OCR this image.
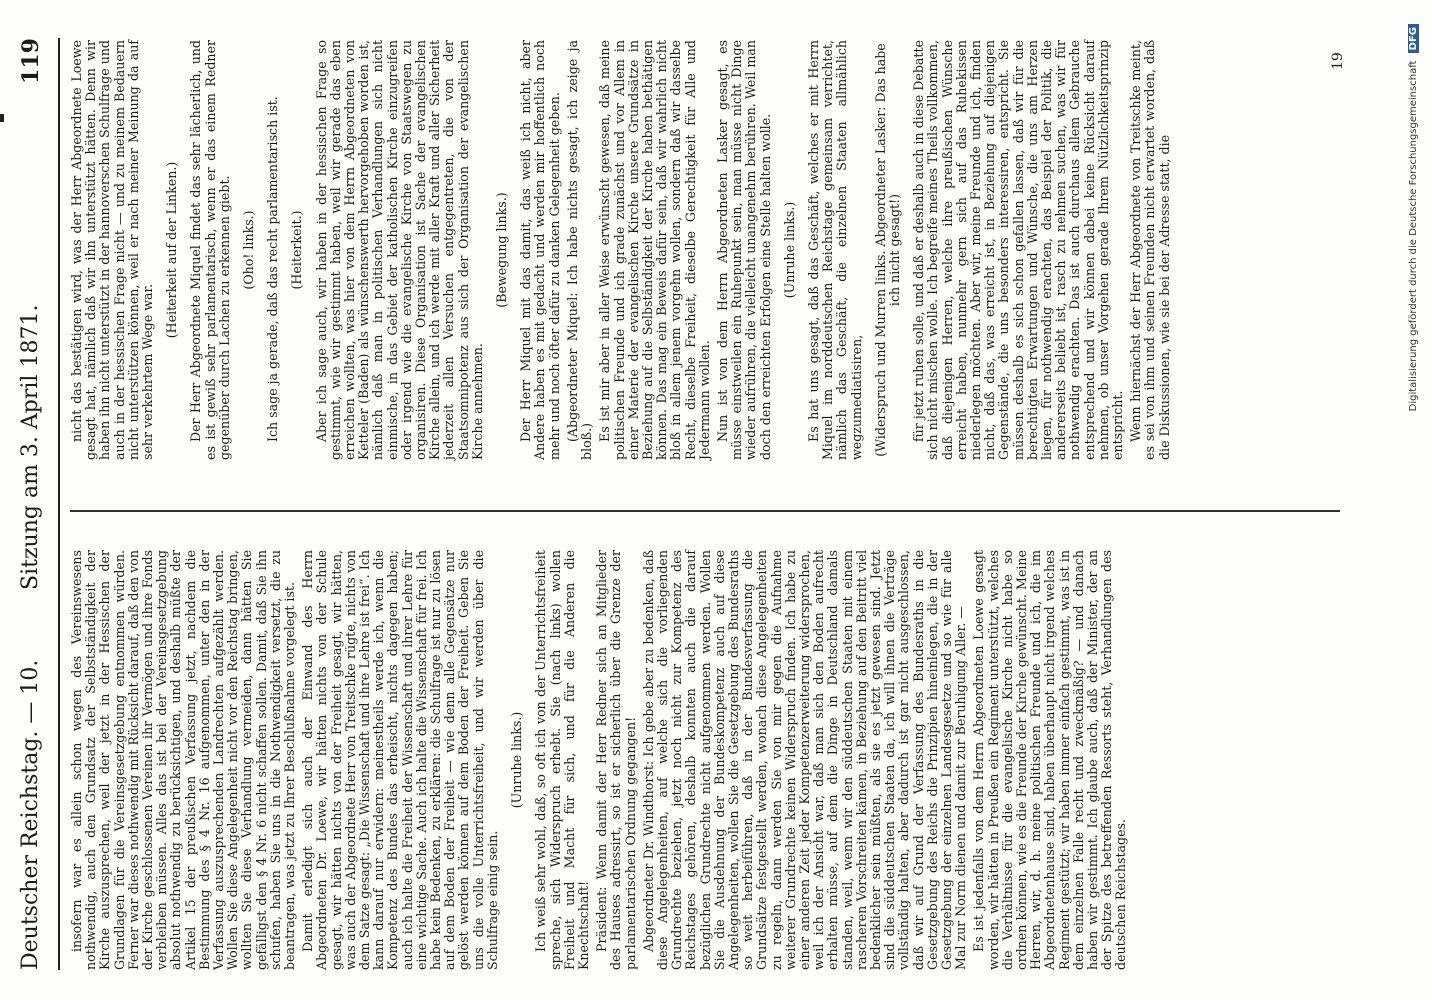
Deutscher Reichstag. — 10.
Sitzung am 3. April 1871.
119

insofern war es allein schon wegen des Vereinswesens nothwendig, auch den Grundsatz der Selbstständigkeit der Kirche auszusprechen, weil der jetzt in der Hessischen der Grundlagen für die Vereinsgesetzgebung entnommen würden. Ferner war dieses nothwendig mit Rücksicht darauf, daß den von der Kirche geschlossenen Vereinen ihr Vermögen und ihre Fonds verbleiben müssen. Alles das ist bei der Vereinsgesetzgebung absolut nothwendig zu berücksichtigen, und deshalb müßte der Artikel 15 der preußischen Verfassung jetzt, nachdem die Bestimmung des § 4 Nr. 16 aufgenommen, unter den in der Verfassung auszusprechenden Landrechten aufgezählt werden. Wollen Sie diese Angelegenheit nicht vor den Reichstag bringen, wollten Sie diese Verhandlung vermeiden, dann hätten Sie gefälligst den § 4 Nr. 6 nicht schaffen sollen. Damit, daß Sie ihn schufen, haben Sie uns in die Nothwendigkeit versetzt, die zu beantragen, was jetzt zu Ihrer Beschlußnahme vorgelegt ist. Damit erledigt sich auch der Einwand des Herrn Abgeordneten Dr. Loewe, wir hätten nichts von der Schule gesagt, wir hätten nichts von der Freiheit gesagt, wir hätten, was auch der Abgeordnete Herr von Treitschke rügte, nichts von dem Satze gesagt: „Die Wissenschaft und ihre Lehre ist frei“. Ich kann darauf nur erwidern: meinestheils werde ich, wenn die Kompetenz des Bundes das erheischt, nichts dagegen haben; auch ich halte die Freiheit der Wissenschaft und ihrer Lehre für eine wichtige Sache. Auch ich halte die Wissenschaft für frei. Ich habe kein Bedenken, zu erklären: die Schulfrage ist nur zu lösen auf dem Boden der Freiheit — wie denn alle Gegensätze nur gelöst werden können auf dem Boden der Freiheit. Geben Sie uns die volle Unterrichtsfreiheit, und wir werden über die Schulfrage einig sein.

(Unruhe links.) Ich weiß sehr wohl, daß, so oft ich von der Unterrichtsfreiheit spreche, sich Widerspruch erhebt. Sie (nach links) wollen Freiheit und Macht für sich, und für die Anderen die Knechtschaft! Präsident: Wenn damit der Herr Redner sich an Mitglieder des Hauses adressirt, so ist er sicherlich über die Grenze der parlamentarischen Ordnung gegangen! Abgeordneter Dr. Windthorst: Ich gebe aber zu bedenken, daß diese Angelegenheiten, auf welche sich die vorliegenden Grundrechte beziehen, jetzt noch nicht zur Kompetenz des Reichstages gehören, deshalb konnten auch die darauf bezüglichen Grundrechte nicht aufgenommen werden. Wollen Sie die Ausdehnung der Bundeskompetenz auch auf diese Angelegenheiten, wollen Sie die Gesetzgebung des Bundesraths so weit herbeiführen, daß in der Bundesverfassung die Grundsätze festgestellt werden, wonach diese Angelegenheiten zu regeln, dann werden Sie von mir gegen die Aufnahme weiterer Grundrechte keinen Widerspruch finden. Ich habe zu einer anderen Zeit jeder Kompetenzerweiterung widersprochen, weil ich der Ansicht war, daß man sich den Boden aufrecht erhalten müsse, auf dem die Dinge in Deutschland damals standen, weil, wenn wir den süddeutschen Staaten mit einem rascheren Vorschreiten kämen, in Beziehung auf den Beitritt viel bedenklicher sein müßten, als sie es jetzt gewesen sind. Jetzt sind die süddeutschen Staaten da, ich will ihnen die Verträge vollständig halten, aber dadurch ist gar nicht ausgeschlossen, daß wir auf Grund der Verfassung des Bundesraths in die Gesetzgebung des Reichs die Prinzipien hineinlegen, die in der Gesetzgebung der einzelnen Landesgesetze und so wie für alle Mal zur Norm dienen und damit zur Beruhigung Aller. — Es ist jedenfalls von dem Herrn Abgeordneten Loewe gesagt worden, wir hätten in Preußen ein Regiment unterstützt, welches die Verhältnisse für die evangelische Kirche nicht habe so ordnen können, wie es die Freunde der Kirche gewünscht. Meine Herren, wir, d. h. meine politischen Freunde und ich, die im Abgeordnetenhause sind, haben überhaupt nicht irgend welches Regiment gestützt; wir haben immer einfach gestimmt, was ist in dem einzelnen Falle recht und zweckmäßig? — und danach haben wir gestimmt. Ich glaube auch, daß der Minister, der an der Spitze des betreffenden Ressorts steht, Verhandlungen des deutschen Reichstages.

nicht das bestätigen wird, was der Herr Abgeordnete Loewe gesagt hat, nämlich daß wir ihn unterstützt hätten. Denn wir haben ihn nicht unterstützt in der hannoverschen Schulfrage und auch in der hessischen Frage nicht — und zu meinem Bedauern nicht unterstützen können, weil er nach meiner Meinung da auf sehr verkehrtem Wege war.

(Heiterkeit auf der Linken.) Der Herr Abgeordnete Miquel findet das sehr lächerlich, und es ist gewiß sehr parlamentarisch, wenn er das einem Redner gegenüber durch Lachen zu erkennen giebt. (Oho! links.) Ich sage ja gerade, daß das recht parlamentarisch ist. (Heiterkeit.) Aber ich sage auch, wir haben in der hessischen Frage so gestimmt, wie wir gestimmt haben, weil wir gerade das eben erreichen wollten, was hier von dem Herrn Abgeordneten von Ketteler (Baden) als wünschenswerth hervorgehoben worden ist, nämlich daß man in politischen Verhandlungen sich nicht einmische, in das Gebiet der katholischen Kirche einzugreifen oder irgend wie die evangelische Kirche von Staatswegen zu organisiren. Diese Organisation ist Sache der evangelischen Kirche allein, und ich werde mit aller Kraft und aller Sicherheit jederzeit allen Versuchen entgegentreten, die von der Staatsomnipotenz aus sich der Organisation der evangelischen Kirche annehmen.

(Bewegung links.) Der Herr Miquel mit das damit, das weiß ich nicht, aber Andere haben es mit gedacht und werden mir hoffentlich noch mehr und noch öfter dafür zu danken Gelegenheit geben. (Abgeordneter Miquel: Ich habe nichts gesagt, ich zeige ja bloß.) Es ist mir aber in aller Weise erwünscht gewesen, daß meine politischen Freunde und ich grade zunächst und vor Allem in einer Materie der evangelischen Kirche unsere Grundsätze in Beziehung auf die Selbständigkeit der Kirche haben bethätigen können. Das mag ein Beweis dafür sein, daß wir wahrlich nicht bloß in allem jenem vorgehn wollen, sondern daß wir dasselbe Recht, dieselbe Freiheit, dieselbe Gerechtigkeit für Alle und Jedermann wollen. Nun ist von dem Herrn Abgeordneten Lasker gesagt, es müsse einstweilen ein Ruhepunkt sein, man müsse nicht Dinge wieder aufrühren, die vielleicht unangenehm berühren. Weil man doch den erreichten Erfolgen eine Stelle halten wolle. (Unruhe links.) Es hat uns gesagt, daß das Geschäft, welches er mit Herrn Miquel im norddeutschen Reichstage gemeinsam verrichtet, nämlich das Geschäft, die einzelnen Staaten allmählich wegzumediatisiren, (Widerspruch und Murren links. Abgeordneter Lasker: Das habe ich nicht gesagt!) für jetzt ruhen solle, und daß er deshalb auch in diese Debatte sich nicht mischen wolle. Ich begreife meines Theils vollkommen, daß diejenigen Herren, welche ihre preußischen Wünsche erreicht haben, nunmehr gern sich auf das Ruhekissen niederlegen möchten. Aber wir, meine Freunde und ich, finden nicht, daß das, was erreicht ist, in Beziehung auf diejenigen Gegenstände, die uns besonders interessiren, entspricht. Sie müssen deshalb es sich schon gefallen lassen, daß wir für die berechtigten Erwartungen und Wünsche, die uns am Herzen liegen, für nothwendig erachten, das Beispiel der Politik, die andererseits beliebt ist, rasch zu nehmen suchen, was wir für nothwendig erachten. Das ist auch durchaus allem Gebrauche entsprechend und wir können dabei keine Rücksicht darauf nehmen, ob unser Vorgehen gerade Ihrem Nützlichkeitsprinzip entspricht. Wenn hiernächst der Herr Abgeordnete von Treitschke meint, es sei von ihm und seinen Freunden nicht erwartet worden, daß die Diskussionen, wie sie bei der Adresse statt, die

19	Digitalisierung gefördert durch die Deutsche Forschungsgemeinschaft DFG
